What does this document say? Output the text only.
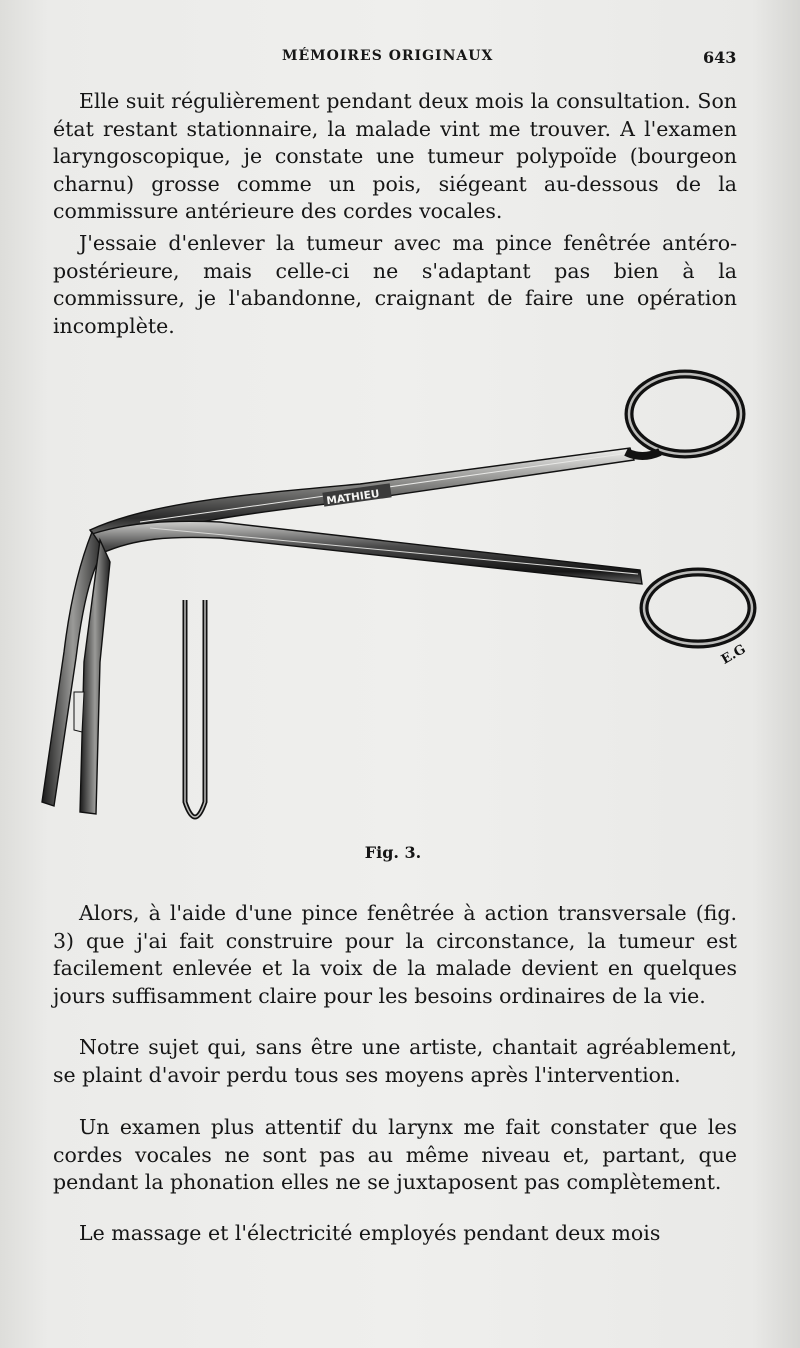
MÉMOIRES ORIGINAUX	643

Elle suit régulièrement pendant deux mois la consultation. Son état restant stationnaire, la malade vint me trouver. A l'examen laryngoscopique, je constate une tumeur polypoïde (bourgeon charnu) grosse comme un pois, siégeant au-dessous de la commissure antérieure des cordes vocales.

J'essaie d'enlever la tumeur avec ma pince fenêtrée antéro-postérieure, mais celle-ci ne s'adaptant pas bien à la commissure, je l'abandonne, craignant de faire une opération incomplète.

MATHIEU
E.G
Fig. 3.

Alors, à l'aide d'une pince fenêtrée à action transversale (fig. 3) que j'ai fait construire pour la circonstance, la tumeur est facilement enlevée et la voix de la malade devient en quelques jours suffisamment claire pour les besoins ordinaires de la vie.

Notre sujet qui, sans être une artiste, chantait agréablement, se plaint d'avoir perdu tous ses moyens après l'intervention.

Un examen plus attentif du larynx me fait constater que les cordes vocales ne sont pas au même niveau et, partant, que pendant la phonation elles ne se juxtaposent pas complètement.

Le massage et l'électricité employés pendant deux mois
